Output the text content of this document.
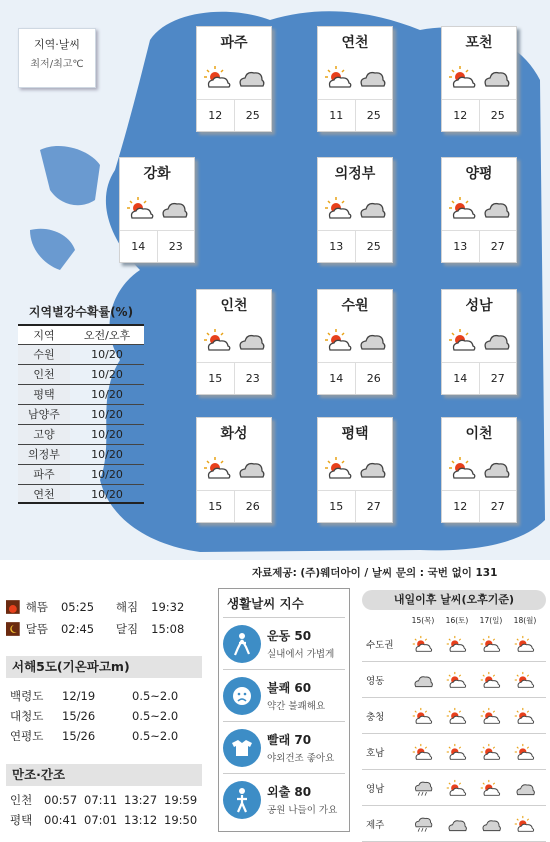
지역·날씨
최저/최고℃
파주
12	25
연천
11	25
포천
12	25
강화
14	23
의정부
13	25
양평
13	27
인천
15	23
수원
14	26
성남
14	27
화성
15	26
평택
15	27
이천
12	27
지역별강수확률(%)
지역	오전/오후
수원	10/20
인천	10/20
평택	10/20
남양주	10/20
고양	10/20
의정부	10/20
파주	10/20
연천	10/20
자료제공: (주)웨더아이 / 날씨 문의 : 국번 없이 131
해뜸	05:25	해짐	19:32
달뜸	02:45	달짐	15:08
서해5도(기온파고m)
백령도	12/19	0.5~2.0
대청도	15/26	0.5~2.0
연평도	15/26	0.5~2.0
만조·간조
인천	00:57 07:11 13:27 19:59
평택	00:41 07:01 13:12 19:50
생활날씨 지수
운동 50
실내에서 가볍게
불쾌 60
약간 불쾌해요
빨래 70
야외건조 좋아요
외출 80
공원 나들이 가요
내일이후 날씨(오후기준)
15(목)	16(토)	17(일)	18(월)
수도권
영동
충청
호남
영남
제주
